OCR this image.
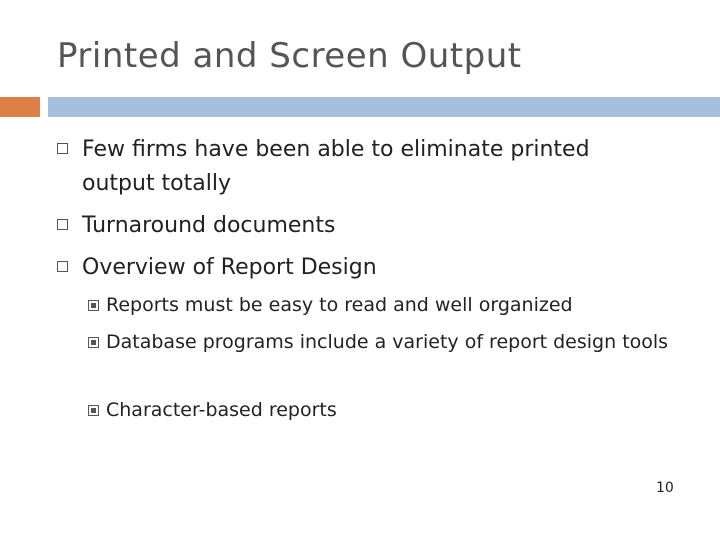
Printed and Screen Output
Few firms have been able to eliminate printed output totally
Turnaround documents
Overview of Report Design
Reports must be easy to read and well organized
Database programs include a variety of report design tools
Character-based reports
10
